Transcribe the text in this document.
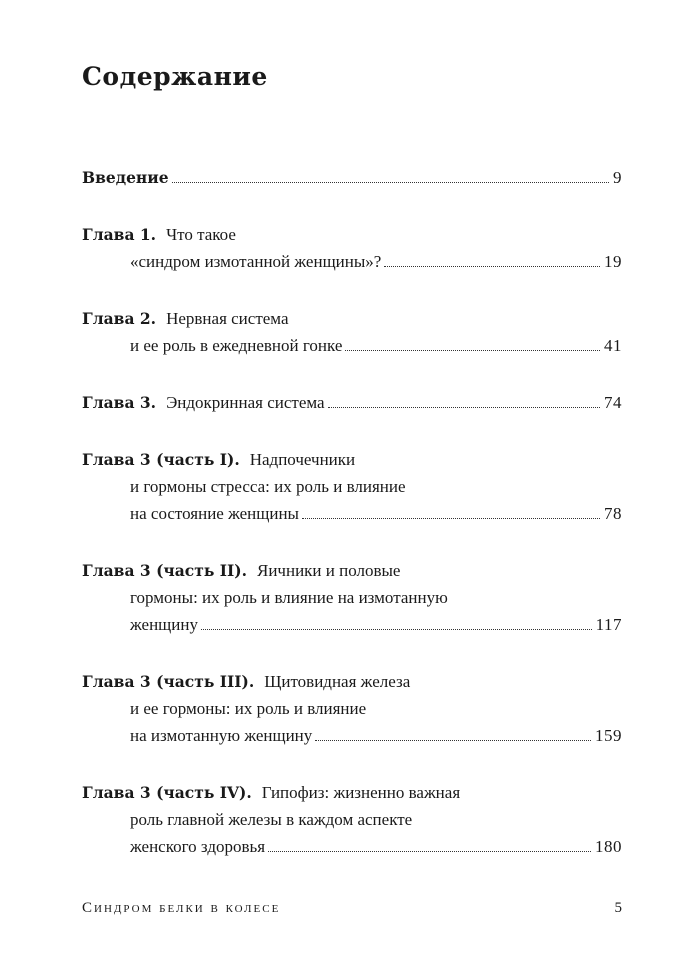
Содержание
Введение	9
Глава 1. Что такое
«синдром измотанной женщины»?	19
Глава 2. Нервная система
и ее роль в ежедневной гонке	41
Глава 3. Эндокринная система	74
Глава 3 (часть I). Надпочечники
и гормоны стресса: их роль и влияние
на состояние женщины	78
Глава 3 (часть II). Яичники и половые
гормоны: их роль и влияние на измотанную
женщину	117
Глава 3 (часть III). Щитовидная железа
и ее гормоны: их роль и влияние
на измотанную женщину	159
Глава 3 (часть IV). Гипофиз: жизненно важная
роль главной железы в каждом аспекте
женского здоровья	180
Синдром белки в колесе	5
